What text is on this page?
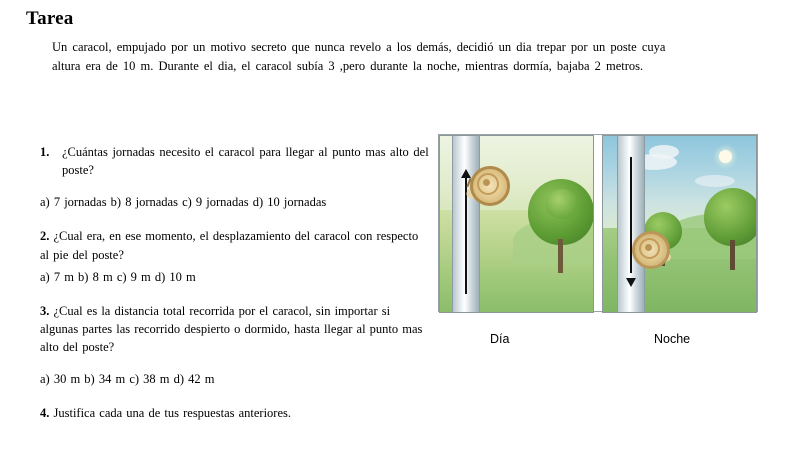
Tarea
Un caracol, empujado por un motivo secreto que nunca revelo a los demás, decidió un dia trepar por un poste cuya altura era de 10 m. Durante el dia, el caracol subía 3 ,pero durante la noche, mientras dormía, bajaba 2 metros.
1. ¿Cuántas jornadas necesito el caracol para llegar al punto mas alto del poste?
a) 7 jornadas b) 8 jornadas c) 9 jornadas d) 10 jornadas
2. ¿Cual era, en ese momento, el desplazamiento del caracol con respecto al pie del poste?
a) 7 m b) 8 m c) 9 m d) 10 m
3. ¿Cual es la distancia total recorrida por el caracol, sin importar si algunas partes las recorrido despierto o dormido, hasta llegar al punto mas alto del poste?
a) 30 m b) 34 m c) 38 m d) 42 m
4. Justifica cada una de tus respuestas anteriores.
Día	Noche
